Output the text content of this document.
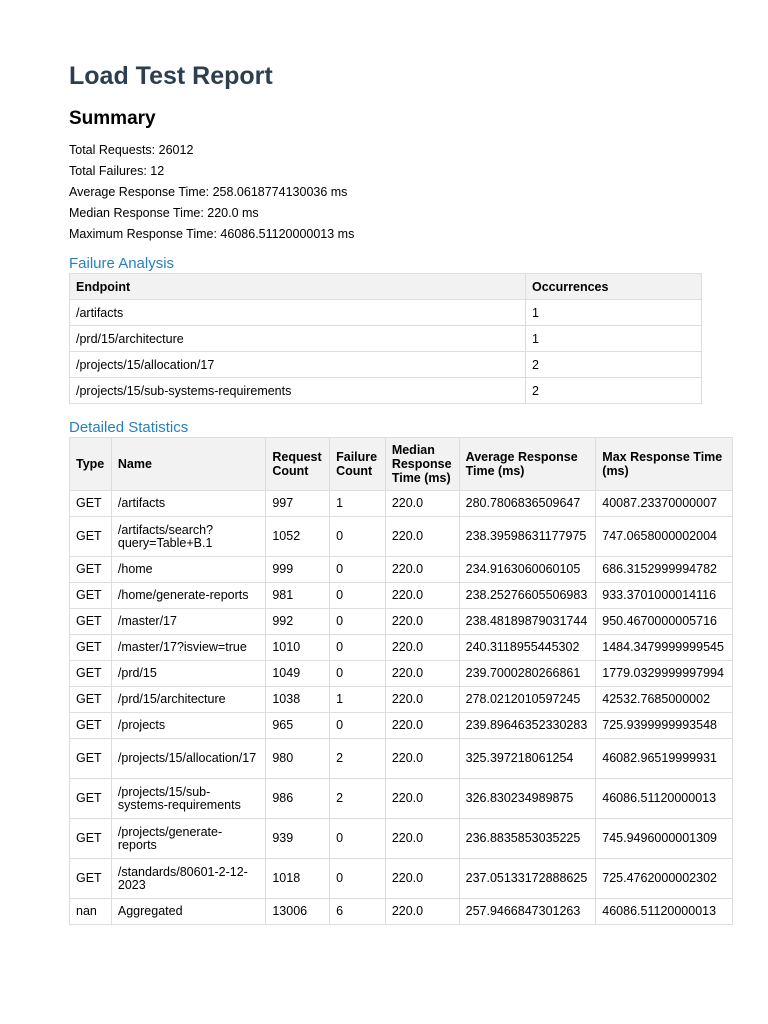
Load Test Report
Summary
Total Requests: 26012
Total Failures: 12
Average Response Time: 258.0618774130036 ms
Median Response Time: 220.0 ms
Maximum Response Time: 46086.51120000013 ms
Failure Analysis
Endpoint	Occurrences
/artifacts	1
/prd/15/architecture	1
/projects/15/allocation/17	2
/projects/15/sub-systems-requirements	2
Detailed Statistics
Type	Name	Request Count	Failure Count	Median Response Time (ms)	Average Response Time (ms)	Max Response Time (ms)
GET	/artifacts	997	1	220.0	280.7806836509647	40087.23370000007
GET	/artifacts/search?query=Table+B.1	1052	0	220.0	238.39598631177975	747.0658000002004
GET	/home	999	0	220.0	234.9163060060105	686.3152999994782
GET	/home/generate-reports	981	0	220.0	238.25276605506983	933.3701000014116
GET	/master/17	992	0	220.0	238.48189879031744	950.4670000005716
GET	/master/17?isview=true	1010	0	220.0	240.3118955445302	1484.3479999999545
GET	/prd/15	1049	0	220.0	239.7000280266861	1779.0329999997994
GET	/prd/15/architecture	1038	1	220.0	278.0212010597245	42532.7685000002
GET	/projects	965	0	220.0	239.89646352330283	725.9399999993548
GET	/projects/15/allocation/17	980	2	220.0	325.397218061254	46082.96519999931
GET	/projects/15/sub-systems-requirements	986	2	220.0	326.830234989875	46086.51120000013
GET	/projects/generate-reports	939	0	220.0	236.8835853035225	745.9496000001309
GET	/standards/80601-2-12-2023	1018	0	220.0	237.05133172888625	725.4762000002302
nan	Aggregated	13006	6	220.0	257.9466847301263	46086.51120000013
